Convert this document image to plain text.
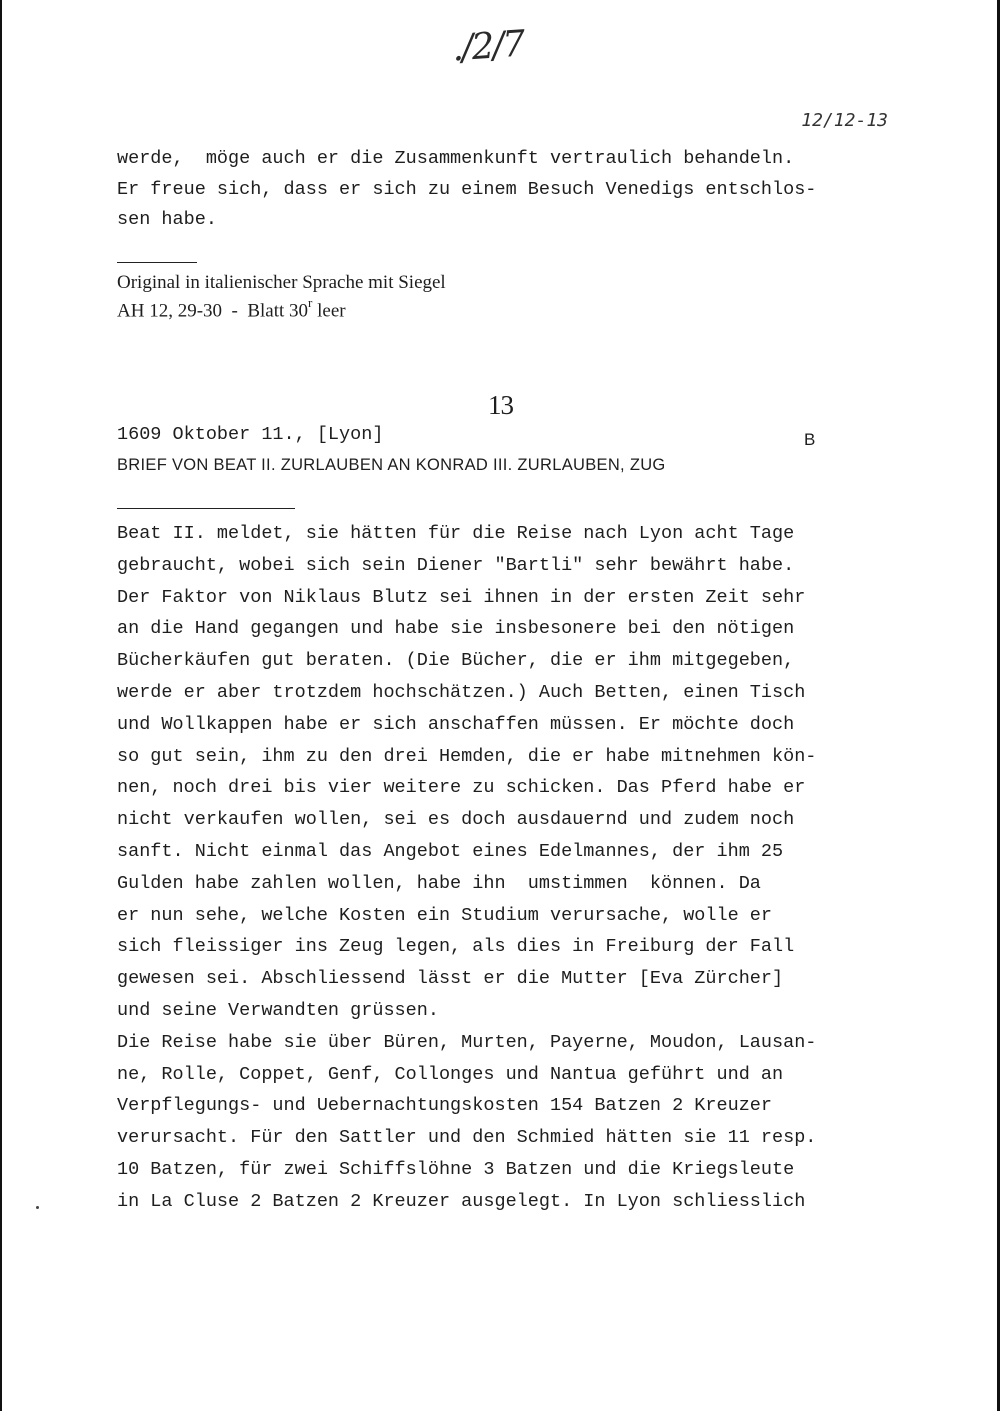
./2/7
12/12-13
werde,  möge auch er die Zusammenkunft vertraulich behandeln.
Er freue sich, dass er sich zu einem Besuch Venedigs entschlos-
sen habe.
Original in italienischer Sprache mit Siegel
AH 12, 29-30  -  Blatt 30$^r$ leer
13
1609 Oktober 11., [Lyon]	B
BRIEF VON BEAT II. ZURLAUBEN AN KONRAD III. ZURLAUBEN, ZUG
Beat II. meldet, sie hätten für die Reise nach Lyon acht Tage
gebraucht, wobei sich sein Diener "Bartli" sehr bewährt habe.
Der Faktor von Niklaus Blutz sei ihnen in der ersten Zeit sehr
an die Hand gegangen und habe sie insbesonere bei den nötigen
Bücherkäufen gut beraten. (Die Bücher, die er ihm mitgegeben,
werde er aber trotzdem hochschätzen.) Auch Betten, einen Tisch
und Wollkappen habe er sich anschaffen müssen. Er möchte doch
so gut sein, ihm zu den drei Hemden, die er habe mitnehmen kön-
nen, noch drei bis vier weitere zu schicken. Das Pferd habe er
nicht verkaufen wollen, sei es doch ausdauernd und zudem noch
sanft. Nicht einmal das Angebot eines Edelmannes, der ihm 25
Gulden habe zahlen wollen, habe ihn  umstimmen  können. Da
er nun sehe, welche Kosten ein Studium verursache, wolle er
sich fleissiger ins Zeug legen, als dies in Freiburg der Fall
gewesen sei. Abschliessend lässt er die Mutter [Eva Zürcher]
und seine Verwandten grüssen.
Die Reise habe sie über Büren, Murten, Payerne, Moudon, Lausan-
ne, Rolle, Coppet, Genf, Collonges und Nantua geführt und an
Verpflegungs- und Uebernachtungskosten 154 Batzen 2 Kreuzer
verursacht. Für den Sattler und den Schmied hätten sie 11 resp.
10 Batzen, für zwei Schiffslöhne 3 Batzen und die Kriegsleute
in La Cluse 2 Batzen 2 Kreuzer ausgelegt. In Lyon schliesslich
